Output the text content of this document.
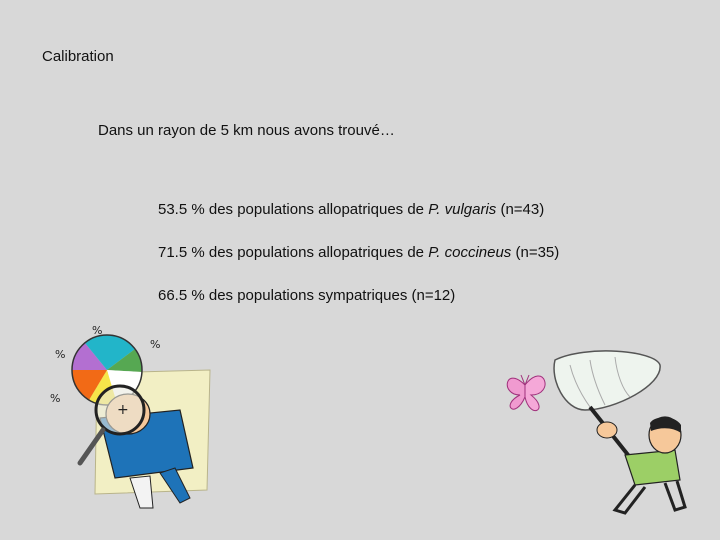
Calibration
Dans un rayon de 5 km nous avons trouvé…
53.5 % des populations allopatriques de P. vulgaris (n=43)
71.5 % des populations allopatriques de P. coccineus (n=35)
66.5 % des populations sympatriques (n=12)
%
%
%
%
+
